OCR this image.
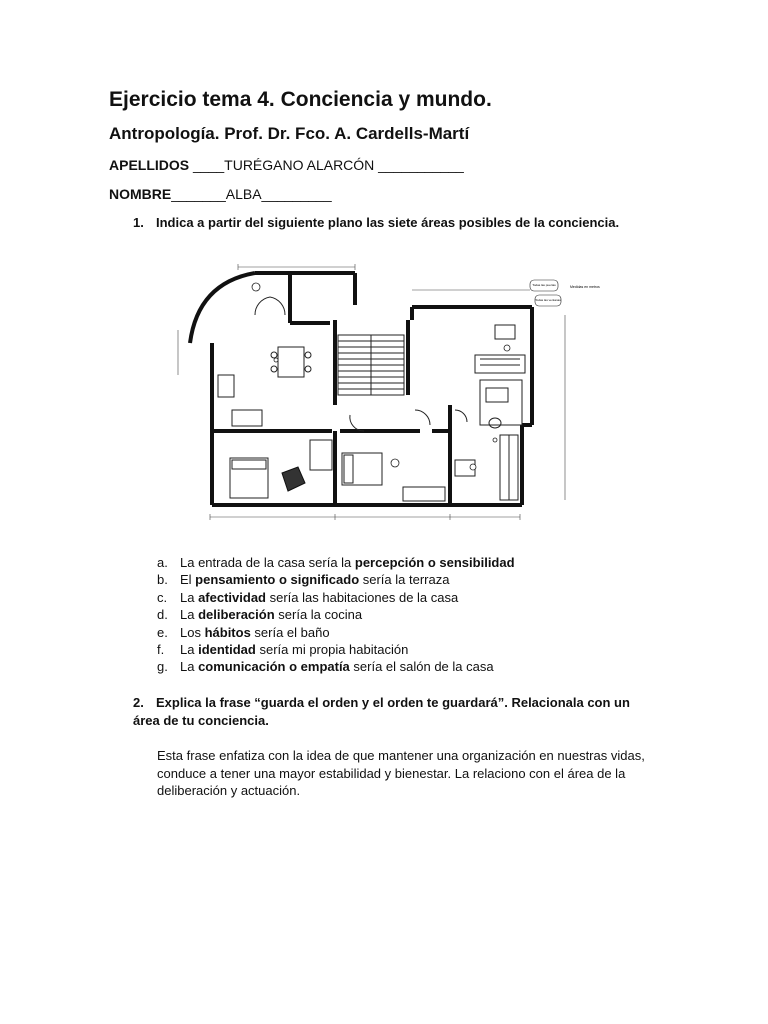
Ejercicio tema 4. Conciencia y mundo.
Antropología. Prof. Dr. Fco. A. Cardells-Martí

APELLIDOS ____TURÉGANO ALARCÓN ___________

NOMBRE_______ALBA_________

1. Indica a partir del siguiente plano las siete áreas posibles de la conciencia.

Todas las puertas
Todas las ventanas
Medidas en metros
a. La entrada de la casa sería la percepción o sensibilidad
b. El pensamiento o significado sería la terraza
c. La afectividad sería las habitaciones de la casa
d. La deliberación sería la cocina
e. Los hábitos sería el baño
f. La identidad sería mi propia habitación
g. La comunicación o empatía sería el salón de la casa

2. Explica la frase “guarda el orden y el orden te guardará”. Relacionala con un área de tu conciencia.

Esta frase enfatiza con la idea de que mantener una organización en nuestras vidas, conduce a tener una mayor estabilidad y bienestar. La relaciono con el área de la deliberación y actuación.
